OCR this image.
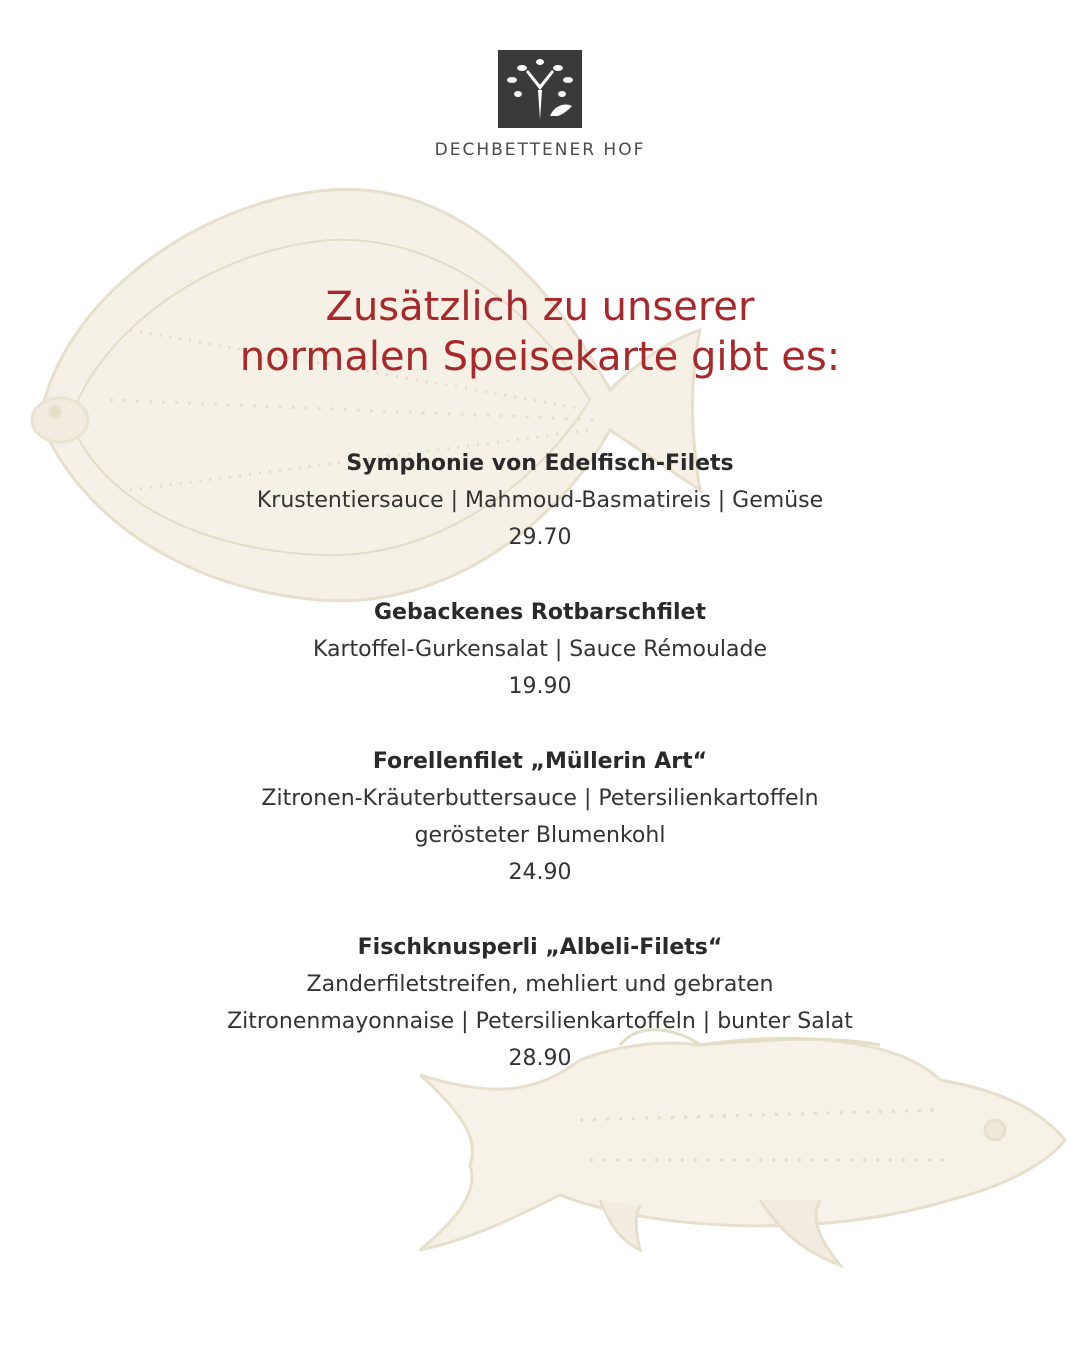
DECHBETTENER HOF
Zusätzlich zu unserer
normalen Speisekarte gibt es:
Symphonie von Edelfisch-Filets
Krustentiersauce | Mahmoud-Basmatireis | Gemüse
29.70
Gebackenes Rotbarschfilet
Kartoffel-Gurkensalat | Sauce Rémoulade
19.90
Forellenfilet „Müllerin Art“
Zitronen-Kräuterbuttersauce | Petersilienkartoffeln
gerösteter Blumenkohl
24.90
Fischknusperli „Albeli-Filets“
Zanderfiletstreifen, mehliert und gebraten
Zitronenmayonnaise | Petersilienkartoffeln | bunter Salat
28.90
